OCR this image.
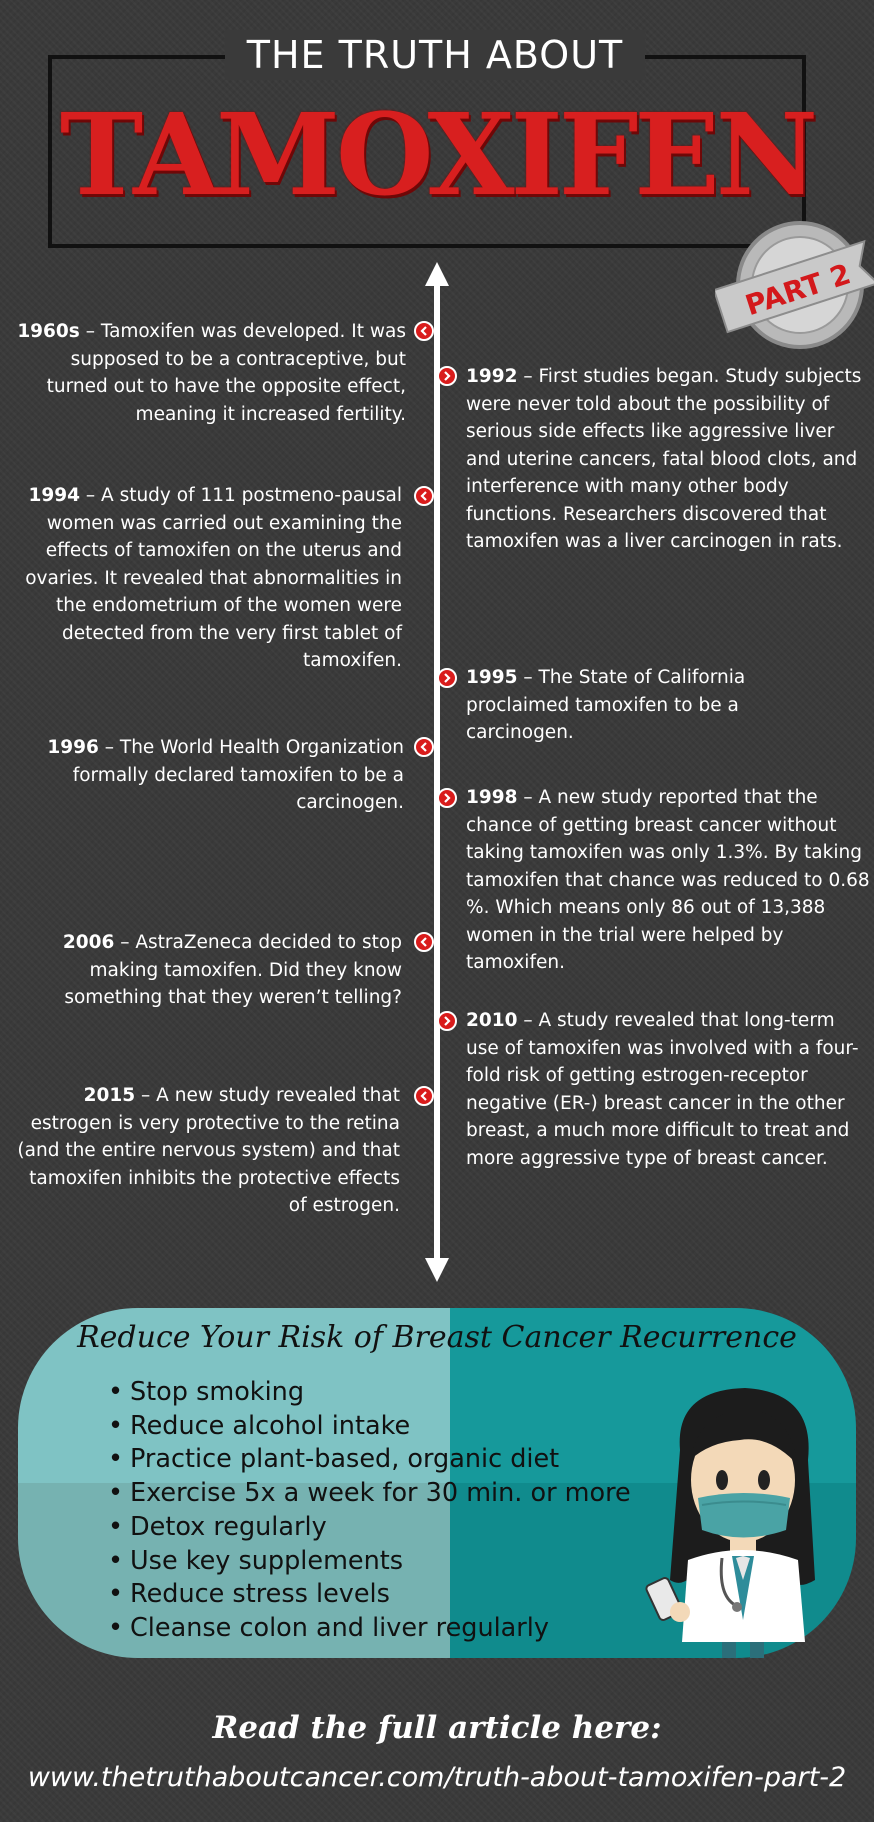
THE TRUTH ABOUT
TAMOXIFEN
PART 2
1960s – Tamoxifen was developed. It was supposed to be a contraceptive, but turned out to have the opposite effect, meaning it increased fertility.
1994 – A study of 111 postmeno-pausal women was carried out examining the effects of tamoxifen on the uterus and ovaries. It revealed that abnormalities in the endometrium of the women were detected from the very first tablet of tamoxifen.
1996 – The World Health Organization formally declared tamoxifen to be a carcinogen.
2006 – AstraZeneca decided to stop making tamoxifen. Did they know something that they weren’t telling?
2015 – A new study revealed that estrogen is very protective to the retina (and the entire nervous system) and that tamoxifen inhibits the protective effects of estrogen.
1992 – First studies began. Study subjects were never told about the possibility of serious side effects like aggressive liver and uterine cancers, fatal blood clots, and interference with many other body functions. Researchers discovered that tamoxifen was a liver carcinogen in rats.
1995 – The State of California proclaimed tamoxifen to be a carcinogen.
1998 – A new study reported that the chance of getting breast cancer without taking tamoxifen was only 1.3%. By taking tamoxifen that chance was reduced to 0.68 %. Which means only 86 out of 13,388 women in the trial were helped by tamoxifen.
2010 – A study revealed that long-term use of tamoxifen was involved with a four-fold risk of getting estrogen-receptor negative (ER-) breast cancer in the other breast, a much more difficult to treat and more aggressive type of breast cancer.
Reduce Your Risk of Breast Cancer Recurrence
• Stop smoking
• Reduce alcohol intake
• Practice plant-based, organic diet
• Exercise 5x a week for 30 min. or more
• Detox regularly
• Use key supplements
• Reduce stress levels
• Cleanse colon and liver regularly
Read the full article here:
www.thetruthaboutcancer.com/truth-about-tamoxifen-part-2
